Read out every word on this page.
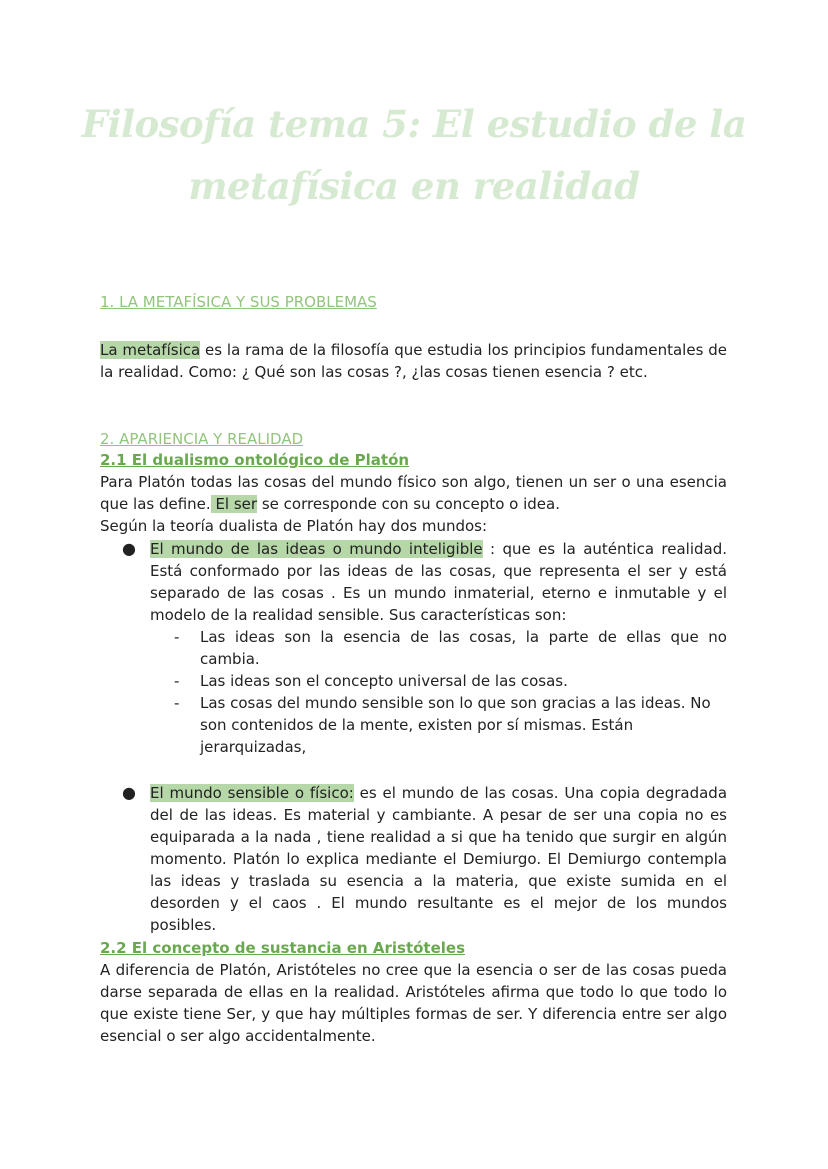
Filosofía tema 5: El estudio de la
metafísica en realidad
1. LA METAFÍSICA Y SUS PROBLEMAS
La metafísica es la rama de la filosofía que estudia los principios fundamentales de la realidad. Como: ¿ Qué son las cosas ?, ¿las cosas tienen esencia ? etc.
2. APARIENCIA Y REALIDAD
2.1 El dualismo ontológico de Platón
Para Platón todas las cosas del mundo físico son algo, tienen un ser o una esencia que las define. El ser se corresponde con su concepto o idea.
Según la teoría dualista de Platón hay dos mundos:
● El mundo de las ideas o mundo inteligible : que es la auténtica realidad. Está conformado por las ideas de las cosas, que representa el ser y está separado de las cosas . Es un mundo inmaterial, eterno e inmutable y el modelo de la realidad sensible. Sus características son:
- Las ideas son la esencia de las cosas, la parte de ellas que no cambia.
- Las ideas son el concepto universal de las cosas.
- Las cosas del mundo sensible son lo que son gracias a las ideas. No son contenidos de la mente, existen por sí mismas. Están jerarquizadas,
● El mundo sensible o físico: es el mundo de las cosas. Una copia degradada del de las ideas. Es material y cambiante. A pesar de ser una copia no es equiparada a la nada , tiene realidad a si que ha tenido que surgir en algún momento. Platón lo explica mediante el Demiurgo. El Demiurgo contempla las ideas y traslada su esencia a la materia, que existe sumida en el desorden y el caos . El mundo resultante es el mejor de los mundos posibles.
2.2 El concepto de sustancia en Aristóteles
A diferencia de Platón, Aristóteles no cree que la esencia o ser de las cosas pueda darse separada de ellas en la realidad. Aristóteles afirma que todo lo que todo lo que existe tiene Ser, y que hay múltiples formas de ser. Y diferencia entre ser algo esencial o ser algo accidentalmente.
